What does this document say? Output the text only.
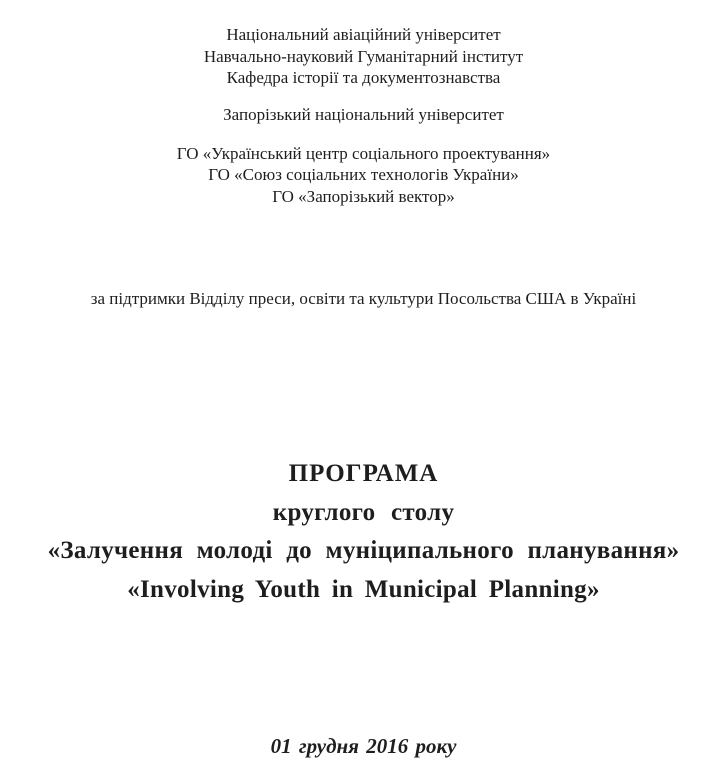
Національний авіаційний університет
Навчально-науковий Гуманітарний інститут
Кафедра історії та документознавства
Запорізький національний університет
ГО «Український центр соціального проектування»
ГО «Союз соціальних технологів України»
ГО «Запорізький вектор»
за підтримки Відділу преси, освіти та культури Посольства США в Україні
ПРОГРАМА
круглого столу
«Залучення молоді до муніципального планування»
«Involving Youth in Municipal Planning»
01 грудня 2016 року
